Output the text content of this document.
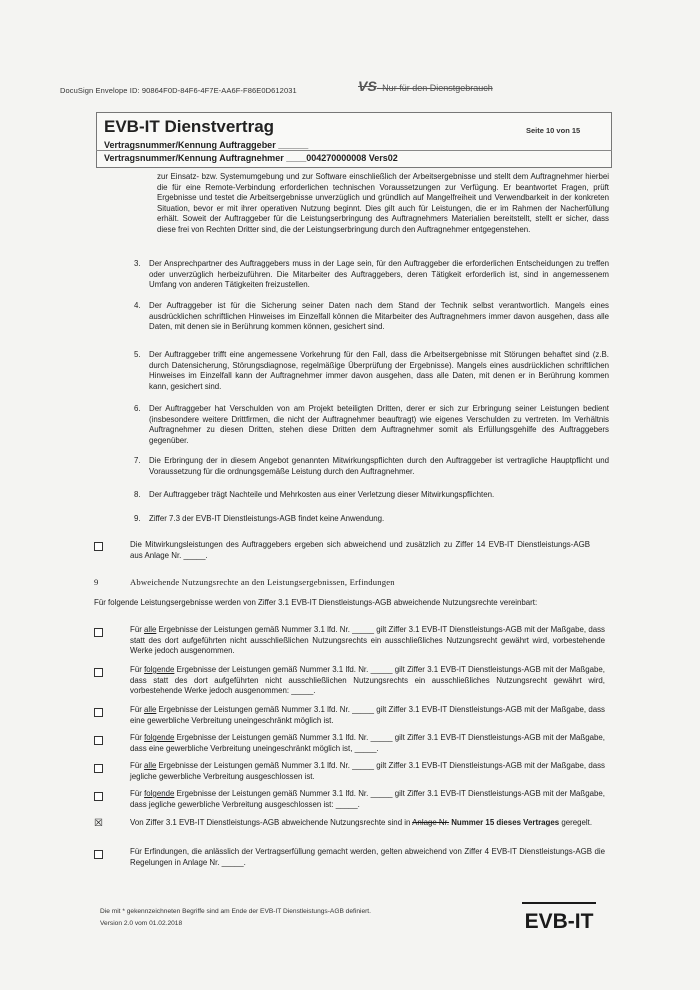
DocuSign Envelope ID: 90864F0D-84F6-4F7E-AA6F-F86E0D612031	VS- Nur für den Dienstgebrauch
EVB-IT Dienstvertrag	Seite 10 von 15
Vertragsnummer/Kennung Auftraggeber ______
Vertragsnummer/Kennung Auftragnehmer ____004270000008 Vers02
zur Einsatz- bzw. Systemumgebung und zur Software einschließlich der Arbeitsergebnisse und stellt dem Auftragnehmer hierbei die für eine Remote-Verbindung erforderlichen technischen Voraussetzungen zur Verfügung. Er beantwortet Fragen, prüft Ergebnisse und testet die Arbeitsergebnisse unverzüglich und gründlich auf Mangelfreiheit und Verwendbarkeit in der konkreten Situation, bevor er mit ihrer operativen Nutzung beginnt. Dies gilt auch für Leistungen, die er im Rahmen der Nacherfüllung erhält. Soweit der Auftraggeber für die Leistungserbringung des Auftragnehmers Materialien bereitstellt, stellt er sicher, dass diese frei von Rechten Dritter sind, die der Leistungserbringung durch den Auftragnehmer entgegenstehen.
3. Der Ansprechpartner des Auftraggebers muss in der Lage sein, für den Auftraggeber die erforderlichen Entscheidungen zu treffen oder unverzüglich herbeizuführen. Die Mitarbeiter des Auftraggebers, deren Tätigkeit erforderlich ist, sind in angemessenem Umfang von anderen Tätigkeiten freizustellen.
4. Der Auftraggeber ist für die Sicherung seiner Daten nach dem Stand der Technik selbst verantwortlich. Mangels eines ausdrücklichen schriftlichen Hinweises im Einzelfall können die Mitarbeiter des Auftragnehmers immer davon ausgehen, dass alle Daten, mit denen sie in Berührung kommen können, gesichert sind.
5. Der Auftraggeber trifft eine angemessene Vorkehrung für den Fall, dass die Arbeitsergebnisse mit Störungen behaftet sind (z.B. durch Datensicherung, Störungsdiagnose, regelmäßige Überprüfung der Ergebnisse). Mangels eines ausdrücklichen schriftlichen Hinweises im Einzelfall kann der Auftragnehmer immer davon ausgehen, dass alle Daten, mit denen er in Berührung kommen kann, gesichert sind.
6. Der Auftraggeber hat Verschulden von am Projekt beteiligten Dritten, derer er sich zur Erbringung seiner Leistungen bedient (insbesondere weitere Drittfirmen, die nicht der Auftragnehmer beauftragt) wie eigenes Verschulden zu vertreten. Im Verhältnis Auftragnehmer zu diesen Dritten, stehen diese Dritten dem Auftragnehmer somit als Erfüllungsgehilfe des Auftraggebers gegenüber.
7. Die Erbringung der in diesem Angebot genannten Mitwirkungspflichten durch den Auftraggeber ist vertragliche Hauptpflicht und Voraussetzung für die ordnungsgemäße Leistung durch den Auftragnehmer.
8. Der Auftraggeber trägt Nachteile und Mehrkosten aus einer Verletzung dieser Mitwirkungspflichten.
9. Ziffer 7.3 der EVB-IT Dienstleistungs-AGB findet keine Anwendung.
Die Mitwirkungsleistungen des Auftraggebers ergeben sich abweichend und zusätzlich zu Ziffer 14 EVB-IT Dienstleistungs-AGB aus Anlage Nr. _____.
9	Abweichende Nutzungsrechte an den Leistungsergebnissen, Erfindungen
Für folgende Leistungsergebnisse werden von Ziffer 3.1 EVB-IT Dienstleistungs-AGB abweichende Nutzungsrechte vereinbart:
Für alle Ergebnisse der Leistungen gemäß Nummer 3.1 lfd. Nr. _____ gilt Ziffer 3.1 EVB-IT Dienstleistungs-AGB mit der Maßgabe, dass statt des dort aufgeführten nicht ausschließlichen Nutzungsrechts ein ausschließliches Nutzungsrecht gewährt wird, vorbestehende Werke jedoch ausgenommen.
Für folgende Ergebnisse der Leistungen gemäß Nummer 3.1 lfd. Nr. _____ gilt Ziffer 3.1 EVB-IT Dienstleistungs-AGB mit der Maßgabe, dass statt des dort aufgeführten nicht ausschließlichen Nutzungsrechts ein ausschließliches Nutzungsrecht gewährt wird, vorbestehende Werke jedoch ausgenommen: _____.
Für alle Ergebnisse der Leistungen gemäß Nummer 3.1 lfd. Nr. _____ gilt Ziffer 3.1 EVB-IT Dienstleistungs-AGB mit der Maßgabe, dass eine gewerbliche Verbreitung uneingeschränkt möglich ist.
Für folgende Ergebnisse der Leistungen gemäß Nummer 3.1 lfd. Nr. _____ gilt Ziffer 3.1 EVB-IT Dienstleistungs-AGB mit der Maßgabe, dass eine gewerbliche Verbreitung uneingeschränkt möglich ist, _____.
Für alle Ergebnisse der Leistungen gemäß Nummer 3.1 lfd. Nr. _____ gilt Ziffer 3.1 EVB-IT Dienstleistungs-AGB mit der Maßgabe, dass jegliche gewerbliche Verbreitung ausgeschlossen ist.
Für folgende Ergebnisse der Leistungen gemäß Nummer 3.1 lfd. Nr. _____ gilt Ziffer 3.1 EVB-IT Dienstleistungs-AGB mit der Maßgabe, dass jegliche gewerbliche Verbreitung ausgeschlossen ist: _____.
☒	Von Ziffer 3.1 EVB-IT Dienstleistungs-AGB abweichende Nutzungsrechte sind in Anlage Nr. Nummer 15 dieses Vertrages geregelt.
Für Erfindungen, die anlässlich der Vertragserfüllung gemacht werden, gelten abweichend von Ziffer 4 EVB-IT Dienstleistungs-AGB die Regelungen in Anlage Nr. _____.
Die mit * gekennzeichneten Begriffe sind am Ende der EVB-IT Dienstleistungs-AGB definiert.
Version 2.0 vom 01.02.2018	EVB-IT
